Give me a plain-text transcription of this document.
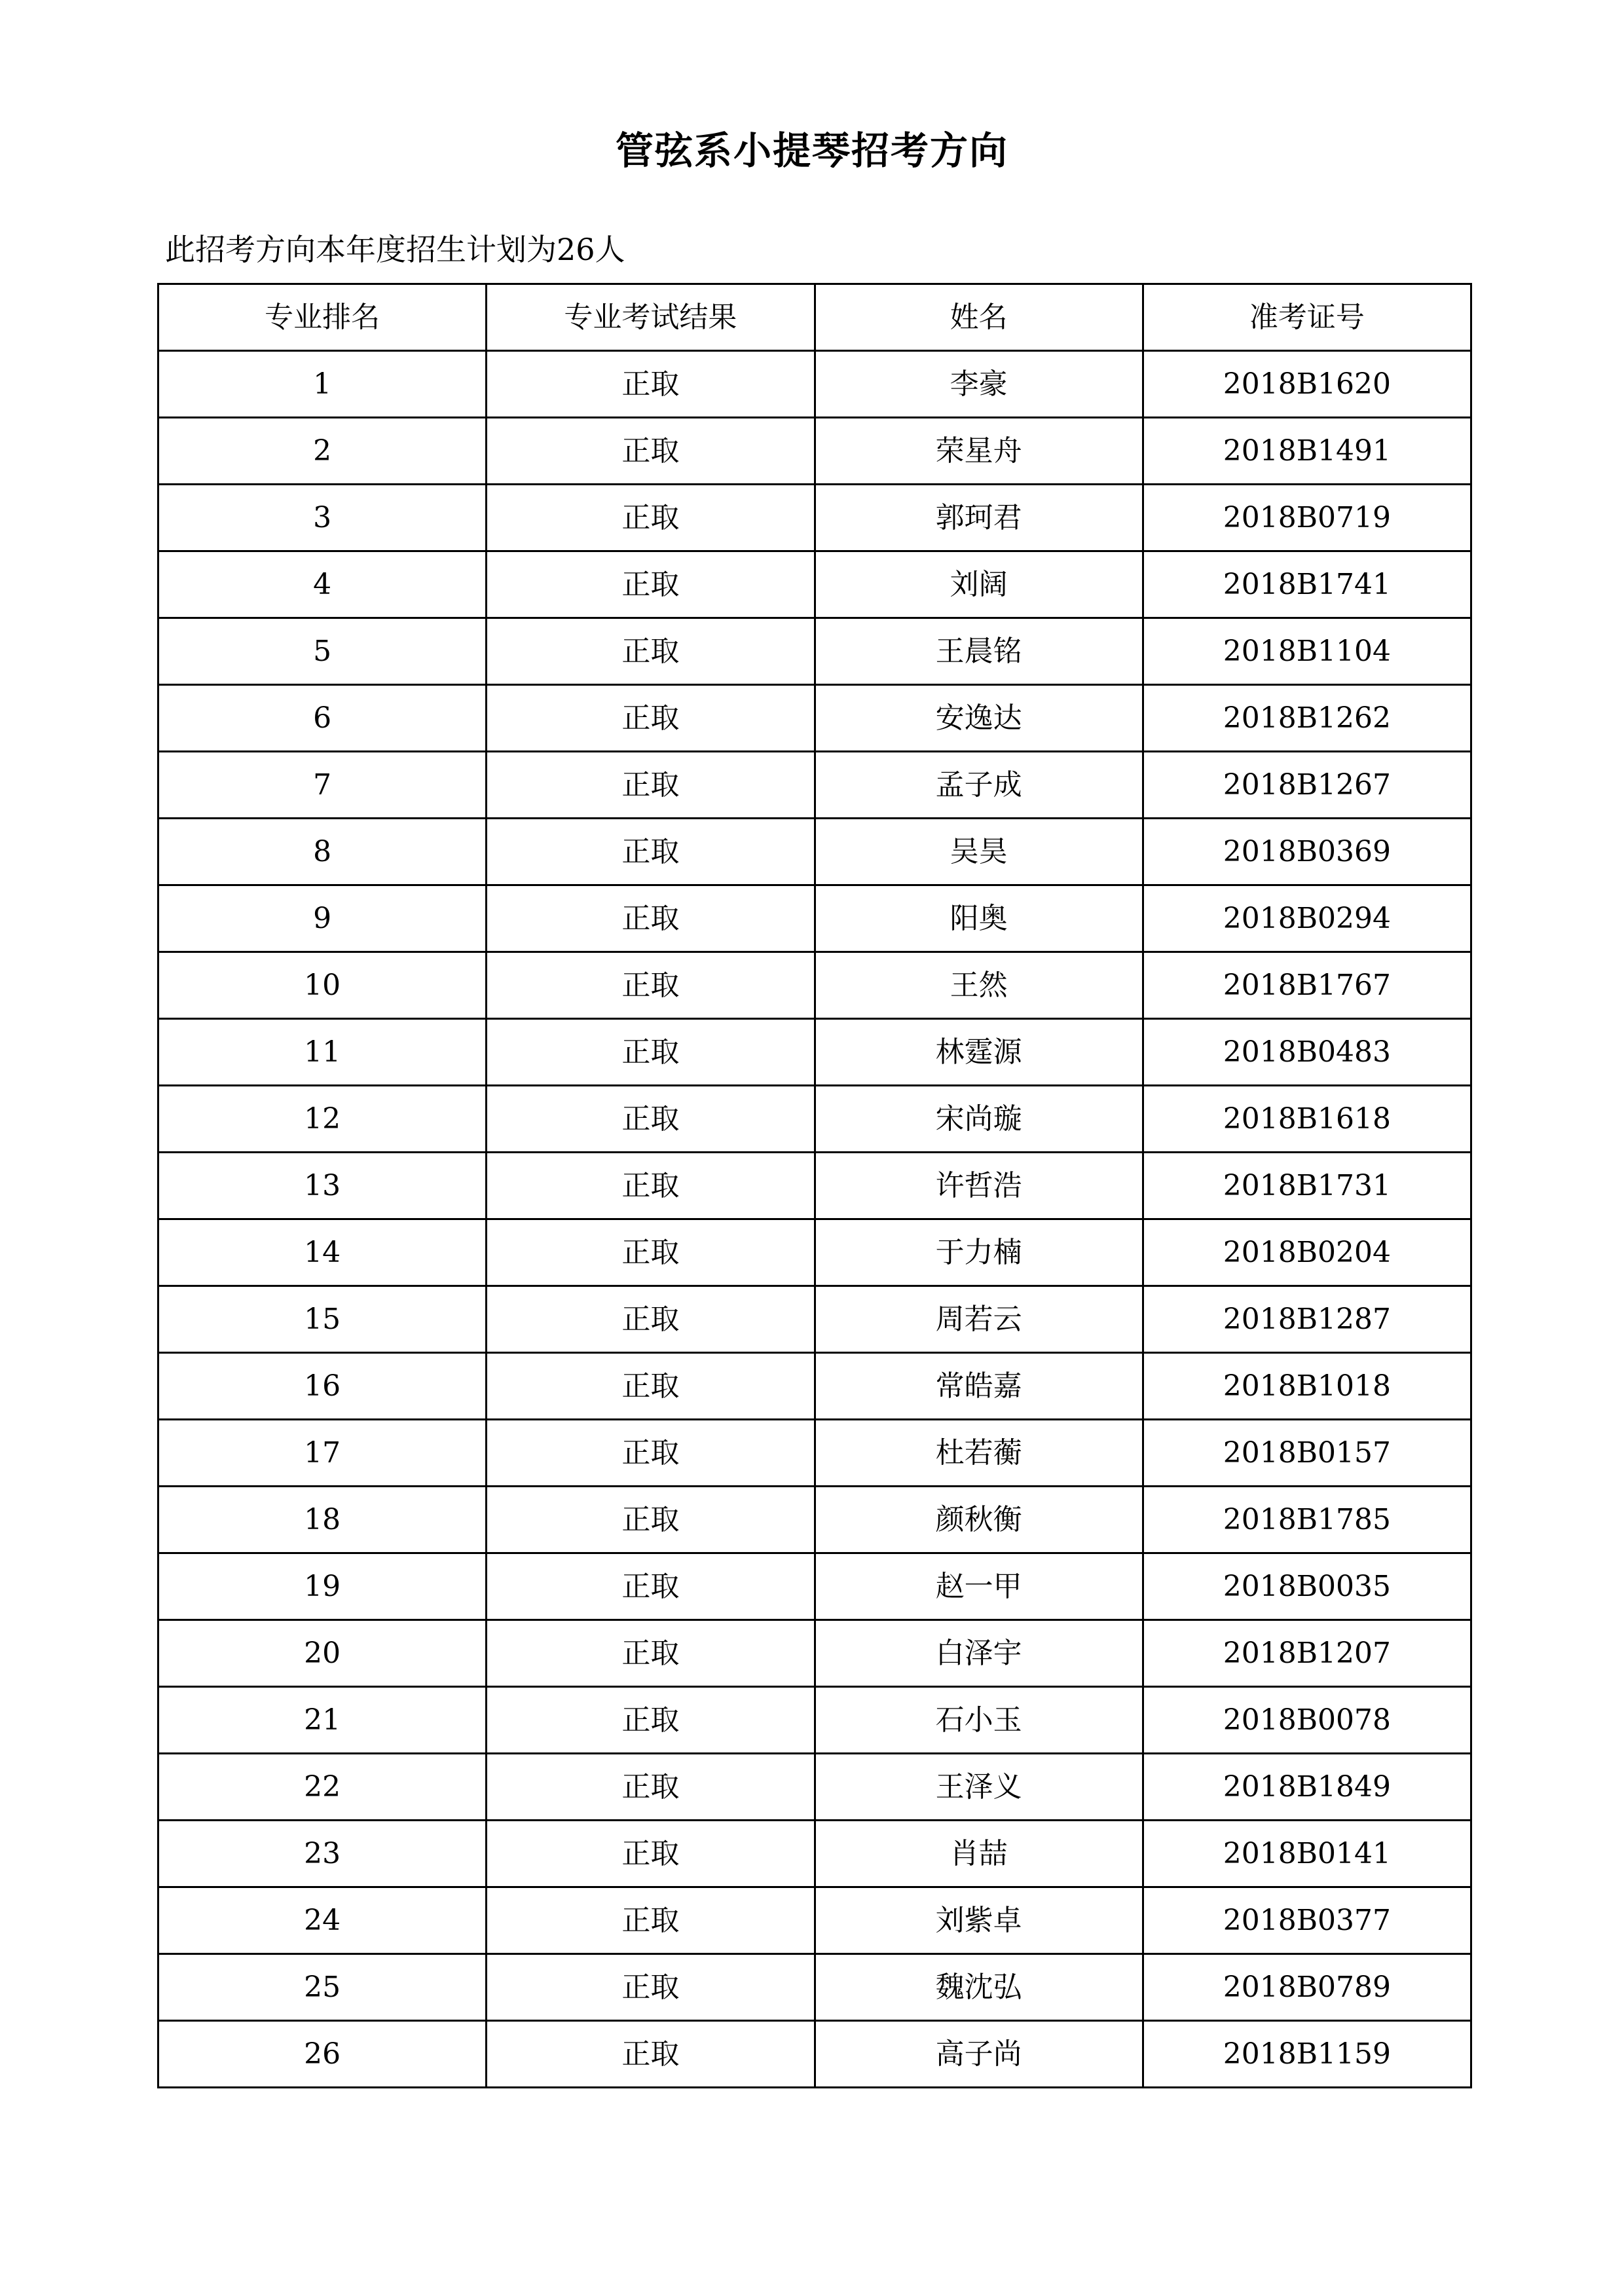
管弦系小提琴招考方向
此招考方向本年度招生计划为26人
专业排名	专业考试结果	姓名	准考证号
1	正取	李豪	2018B1620
2	正取	荣星舟	2018B1491
3	正取	郭珂君	2018B0719
4	正取	刘阔	2018B1741
5	正取	王晨铭	2018B1104
6	正取	安逸达	2018B1262
7	正取	孟子成	2018B1267
8	正取	吴昊	2018B0369
9	正取	阳奥	2018B0294
10	正取	王然	2018B1767
11	正取	林霆源	2018B0483
12	正取	宋尚璇	2018B1618
13	正取	许哲浩	2018B1731
14	正取	于力楠	2018B0204
15	正取	周若云	2018B1287
16	正取	常皓嘉	2018B1018
17	正取	杜若蘅	2018B0157
18	正取	颜秋衡	2018B1785
19	正取	赵一甲	2018B0035
20	正取	白泽宇	2018B1207
21	正取	石小玉	2018B0078
22	正取	王泽义	2018B1849
23	正取	肖喆	2018B0141
24	正取	刘紫卓	2018B0377
25	正取	魏沈弘	2018B0789
26	正取	高子尚	2018B1159
